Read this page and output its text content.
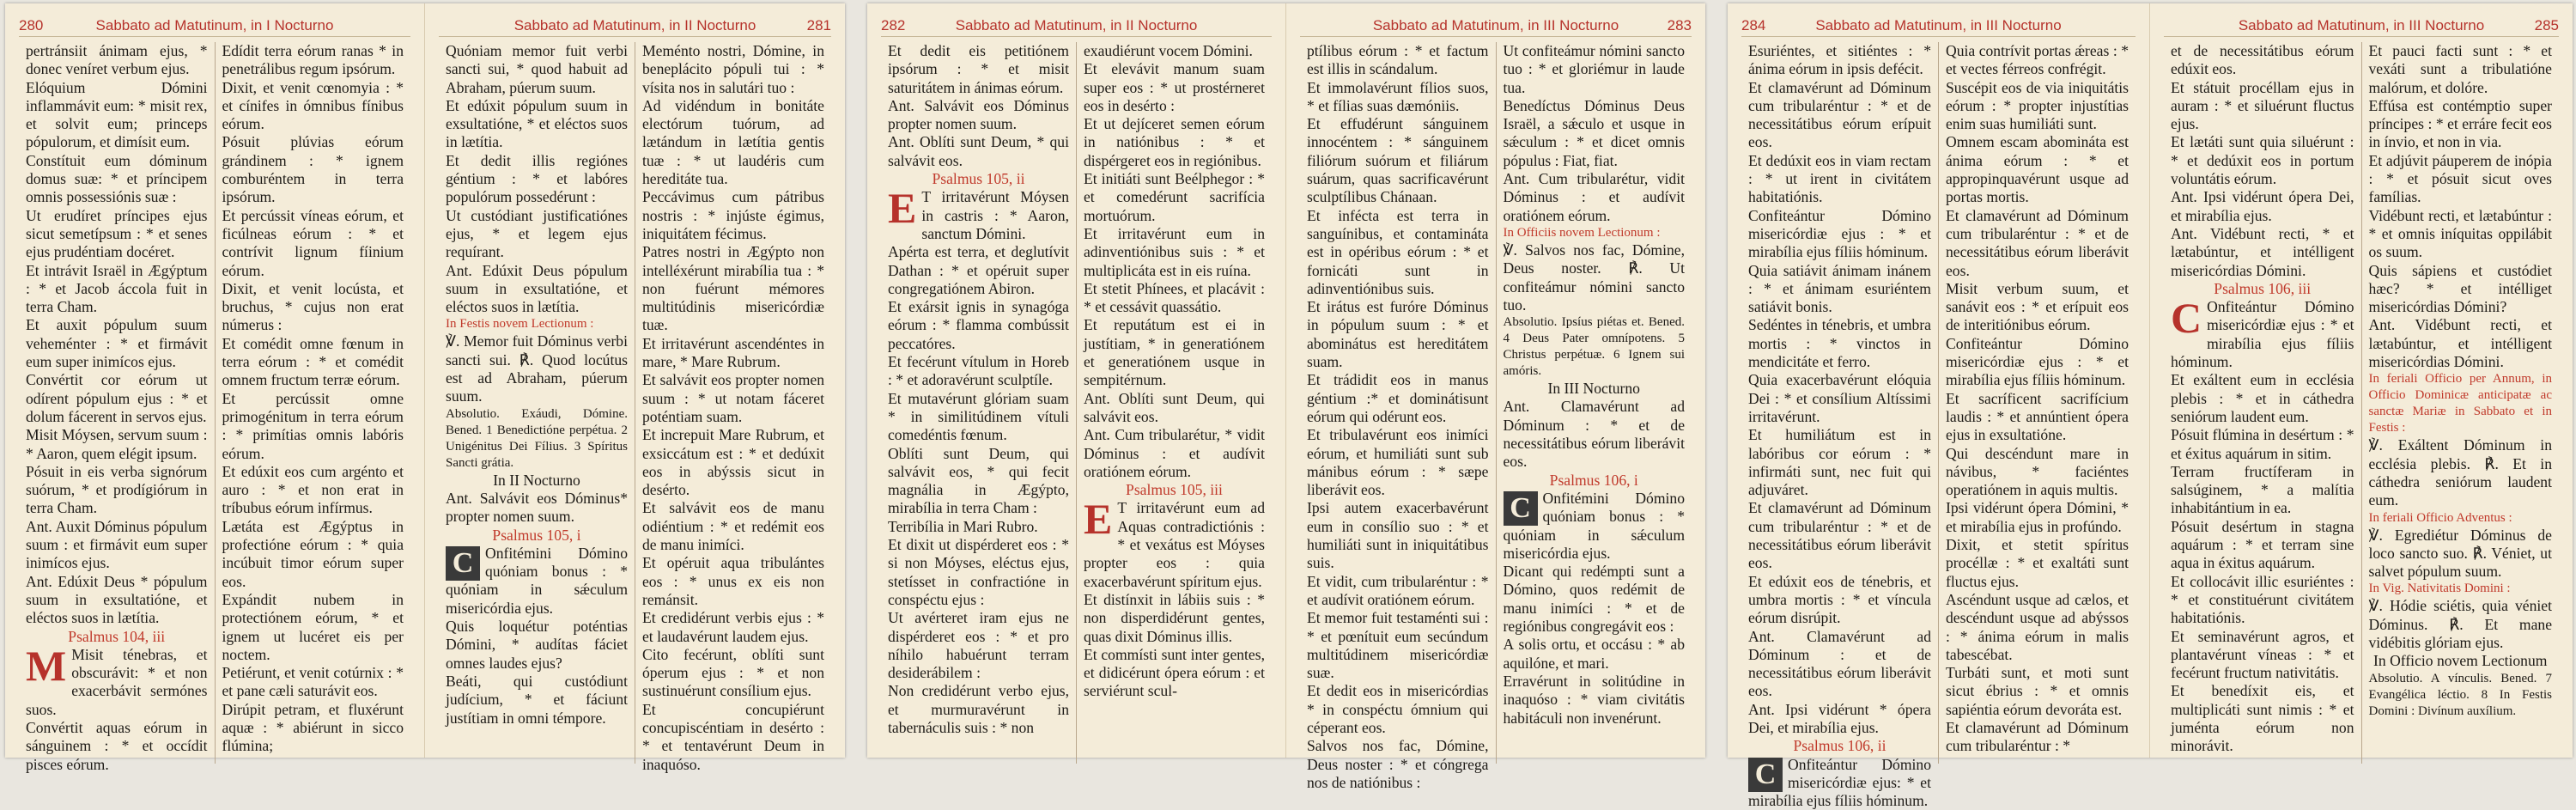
280	Sabbato ad Matutinum, in I Nocturno

pertránsiit ánimam ejus, * donec veníret verbum ejus.

Elóquium Dómini inflammávit eum: * misit rex, et solvit eum; princeps pópulorum, et dimísit eum.

Constítuit eum dóminum domus suæ: * et príncipem omnis possessiónis suæ :

Ut erudíret príncipes ejus sicut semetípsum : * et senes ejus prudéntiam docéret.

Et intrávit Israël in Ægýptum : * et Jacob áccola fuit in terra Cham.

Et auxit pópulum suum veheménter : * et firmávit eum super inimícos ejus.

Convértit cor eórum ut odírent pópulum ejus : * et dolum fácerent in servos ejus.

Misit Móysen, servum suum : * Aaron, quem elégit ipsum.

Pósuit in eis verba signórum suórum, * et prodígiórum in terra Cham.

Ant. Auxit Dóminus pópulum suum : et firmávit eum super inimícos ejus.

Ant. Edúxit Deus * pópulum suum in exsultatióne, et eléctos suos in lætítia.

Psalmus 104, iii

M Misit ténebras, et obscurávit: * et non exacerbávit sermónes suos.

Convértit aquas eórum in sánguinem : * et occídit pisces eórum.

Edídit terra eórum ranas * in penetrálibus regum ipsórum.

Dixit, et venit cœnomyia : * et cínifes in ómnibus fínibus eórum.

Pósuit plúvias eórum grándinem : * ignem comburéntem in terra ipsórum.

Et percússit víneas eórum, et ficúlneas eórum : * et contrívit lignum fíinium eórum.

Dixit, et venit locústa, et bruchus, * cujus non erat númerus :

Et comédit omne fœnum in terra eórum : * et comédit omnem fructum terræ eórum.

Et percússit omne primogénitum in terra eórum : * primítias omnis labóris eórum.

Et edúxit eos cum argénto et auro : * et non erat in tríbubus eórum infírmus.

Lætáta est Ægýptus in profectióne eórum : * quia incúbuit timor eórum super eos.

Expándit nubem in protectiónem eórum, * et ignem ut lucéret eis per noctem.

Petiérunt, et venit cotúrnix : * et pane cæli saturávit eos.

Dirúpit petram, et fluxérunt aquæ : * abiérunt in sicco flúmina;

281
Sabbato ad Matutinum, in II Nocturno

Quóniam memor fuit verbi sancti sui, * quod habuit ad Abraham, púerum suum.

Et edúxit pópulum suum in exsultatióne, * et eléctos suos in lætítia.

Et dedit illis regiónes géntium : * et labóres populórum possedérunt :

Ut custódiant justificatiónes ejus, * et legem ejus requírant.

Ant. Edúxit Deus pópulum suum in exsultatióne, et eléctos suos in lætítia.

In Festis novem Lectionum :

℣. Memor fuit Dóminus verbi sancti sui. ℟. Quod locútus est ad Abraham, púerum suum.

Absolutio. Exáudi, Dómine. Bened. 1 Benedictióne perpétua. 2 Unigénitus Dei Fílius. 3 Spíritus Sancti grátia.

In II Nocturno

Ant. Salvávit eos Dóminus* propter nomen suum.

Psalmus 105, i

C Onfitémini Dómino quóniam bonus : * quóniam in sǽculum misericórdia ejus.

Quis loquétur poténtias Dómini, * audítas fáciet omnes laudes ejus?

Beáti, qui custódiunt judícium, * et fáciunt justítiam in omni témpore.

Meménto nostri, Dómine, in beneplácito pópuli tui : * vísita nos in salutári tuo :

Ad vidéndum in bonitáte electórum tuórum, ad lætándum in lætítia gentis tuæ : * ut laudéris cum hereditáte tua.

Peccávimus cum pátribus nostris : * injúste égimus, iniquitátem fécimus.

Patres nostri in Ægýpto non intelléxérunt mirabília tua : * non fuérunt mémores multitúdinis misericórdiæ tuæ.

Et irritavérunt ascendéntes in mare, * Mare Rubrum.

Et salvávit eos propter nomen suum : * ut notam fáceret poténtiam suam.

Et increpuit Mare Rubrum, et exsiccátum est : * et dedúxit eos in abýssis sicut in desérto.

Et salvávit eos de manu odiéntium : * et redémit eos de manu inimíci.

Et opéruit aqua tribulántes eos : * unus ex eis non remánsit.

Et credidérunt verbis ejus : * et laudavérunt laudem ejus.

Cito fecérunt, oblíti sunt óperum ejus : * et non sustinuérunt consílium ejus.

Et concupiérunt concupiscéntiam in desérto : * et tentavérunt Deum in inaquóso.

282	Sabbato ad Matutinum, in II Nocturno

Et dedit eis petitiónem ipsórum : * et misit saturitátem in ánimas eórum.

Ant. Salvávit eos Dóminus propter nomen suum.

Ant. Oblíti sunt Deum, * qui salvávit eos.

Psalmus 105, ii

E T irritavérunt Móysen in castris : * Aaron, sanctum Dómini.

Apérta est terra, et deglutívit Dathan : * et opéruit super congregatiónem Abiron.

Et exársit ignis in synagóga eórum : * flamma combússit peccatóres.

Et fecérunt vítulum in Horeb : * et adoravérunt sculptíle.

Et mutavérunt glóriam suam * in similitúdinem vítuli comedéntis fœnum.

Oblíti sunt Deum, qui salvávit eos, * qui fecit magnália in Ægýpto, mirabília in terra Cham :

Terribília in Mari Rubro.

Et dixit ut dispérderet eos : * si non Móyses, eléctus ejus, stetísset in confractióne in conspéctu ejus :

Ut avérteret iram ejus ne dispérderet eos : * et pro níhilo habuérunt terram desiderábilem :

Non credidérunt verbo ejus, et murmuravérunt in tabernáculis suis : * non

exaudiérunt vocem Dómini.

Et elevávit manum suam super eos : * ut prostérneret eos in desérto :

Et ut dejíceret semen eórum in natiónibus : * et dispérgeret eos in regiónibus.

Et initiáti sunt Beélphegor : * et comedérunt sacrifícia mortuórum.

Et irritavérunt eum in adinventiónibus suis : * et multiplicáta est in eis ruína.

Et stetit Phínees, et placávit : * et cessávit quassátio.

Et reputátum est ei in justítiam, * in generatiónem et generatiónem usque in sempitérnum.

Ant. Oblíti sunt Deum, qui salvávit eos.

Ant. Cum tribularétur, * vidit Dóminus : et audívit oratiónem eórum.

Psalmus 105, iii

E T irritavérunt eum ad Aquas contradictiónis : * et vexátus est Móyses propter eos : quia exacerbavérunt spíritum ejus.

Et distínxit in lábiis suis : * non disperdidérunt gentes, quas dixit Dóminus illis.

Et commísti sunt inter gentes, et didicérunt ópera eórum : et serviérunt scul-

283
Sabbato ad Matutinum, in III Nocturno

ptílibus eórum : * et factum est illis in scándalum.

Et immolavérunt fílios suos, * et fílias suas dæmóniis.

Et effudérunt sánguinem innocéntem : * sánguinem filiórum suórum et filiárum suárum, quas sacrificavérunt sculptílibus Chánaan.

Et infécta est terra in sanguínibus, et contamináta est in opéribus eórum : * et fornicáti sunt in adinventiónibus suis.

Et irátus est furóre Dóminus in pópulum suum : * et abominátus est hereditátem suam.

Et trádidit eos in manus géntium :* et dominátisunt eórum qui odérunt eos.

Et tribulavérunt eos inimíci eórum, et humiliáti sunt sub mánibus eórum : * sæpe liberávit eos.

Ipsi autem exacerbavérunt eum in consílio suo : * et humiliáti sunt in iniquitátibus suis.

Et vidit, cum tribularéntur : * et audívit oratiónem eórum.

Et memor fuit testaménti sui : * et pœnítuit eum secúndum multitúdinem misericórdiæ suæ.

Et dedit eos in misericórdias * in conspéctu ómnium qui céperant eos.

Salvos nos fac, Dómine, Deus noster : * et cóngrega nos de natiónibus :

Ut confiteámur nómini sancto tuo : * et gloriémur in laude tua.

Benedíctus Dóminus Deus Israël, a sǽculo et usque in sǽculum : * et dicet omnis pópulus : Fiat, fiat.

Ant. Cum tribularétur, vidit Dóminus : et audívit oratiónem eórum.

In Officiis novem Lectionum :

℣. Salvos nos fac, Dómine, Deus noster. ℟. Ut confiteámur nómini sancto tuo.

Absolutio. Ipsíus piétas et. Bened. 4 Deus Pater omnípotens. 5 Christus perpétuæ. 6 Ignem sui amóris.

In III Nocturno

Ant. Clamavérunt ad Dóminum : * et de necessitátibus eórum liberávit eos.

Psalmus 106, i

C Onfitémini Dómino quóniam bonus : * quóniam in sǽculum misericórdia ejus.

Dicant qui redémpti sunt a Dómino, quos redémit de manu inimíci : * et de regiónibus congregávit eos :

A solis ortu, et occásu : * ab aquilóne, et mari.

Erravérunt in solitúdine in inaquóso : * viam civitátis habitáculi non invenérunt.

284	Sabbato ad Matutinum, in III Nocturno

Esuriéntes, et sitiéntes : * ánima eórum in ipsis defécit.

Et clamavérunt ad Dóminum cum tribularéntur : * et de necessitátibus eórum erípuit eos.

Et dedúxit eos in viam rectam : * ut irent in civitátem habitatiónis.

Confiteántur Dómino misericórdiæ ejus : * et mirabília ejus fíliis hóminum.

Quia satiávit ánimam inánem : * et ánimam esuriéntem satiávit bonis.

Sedéntes in ténebris, et umbra mortis : * vinctos in mendicitáte et ferro.

Quia exacerbavérunt elóquia Dei : * et consílium Altíssimi irritavérunt.

Et humiliátum est in labóribus cor eórum : * infirmáti sunt, nec fuit qui adjuváret.

Et clamavérunt ad Dóminum cum tribularéntur : * et de necessitátibus eórum liberávit eos.

Et edúxit eos de ténebris, et umbra mortis : * et víncula eórum disrúpit.

Ant. Clamavérunt ad Dóminum : et de necessitátibus eórum liberávit eos.

Ant. Ipsi vidérunt * ópera Dei, et mirabília ejus.

Psalmus 106, ii

C Onfiteántur Dómino misericórdiæ ejus: * et mirabília ejus fíliis hóminum.

Quia contrívit portas ǽreas : * et vectes férreos confrégit.

Suscépit eos de via iniquitátis eórum : * propter injustítias enim suas humiliáti sunt.

Omnem escam abomináta est ánima eórum : * et appropinquavérunt usque ad portas mortis.

Et clamavérunt ad Dóminum cum tribularéntur : * et de necessitátibus eórum liberávit eos.

Misit verbum suum, et sanávit eos : * et erípuit eos de interitiónibus eórum.

Confiteántur Dómino misericórdiæ ejus : * et mirabília ejus fíliis hóminum.

Et sacríficent sacrifícium laudis : * et annúntient ópera ejus in exsultatióne.

Qui descéndunt mare in návibus, * faciéntes operatiónem in aquis multis.

Ipsi vidérunt ópera Dómini, * et mirabília ejus in profúndo.

Dixit, et stetit spíritus procéllæ : * et exaltáti sunt fluctus ejus.

Ascéndunt usque ad cælos, et descéndunt usque ad abýssos : * ánima eórum in malis tabescébat.

Turbáti sunt, et moti sunt sicut ébrius : * et omnis sapiéntia eórum devoráta est.

Et clamavérunt ad Dóminum cum tribularéntur : *

285
Sabbato ad Matutinum, in III Nocturno

et de necessitátibus eórum edúxit eos.

Et státuit procéllam ejus in auram : * et siluérunt fluctus ejus.

Et lætáti sunt quia siluérunt : * et dedúxit eos in portum voluntátis eórum.

Ant. Ipsi vidérunt ópera Dei, et mirabília ejus.

Ant. Vidébunt recti, * et lætabúntur, et intélligent misericórdias Dómini.

Psalmus 106, iii

C Onfiteántur Dómino misericórdiæ ejus : * et mirabília ejus fíliis hóminum.

Et exáltent eum in ecclésia plebis : * et in cáthedra seniórum laudent eum.

Pósuit flúmina in desértum : * et éxitus aquárum in sitim.

Terram fructíferam in salsúginem, * a malítia inhabitántium in ea.

Pósuit desértum in stagna aquárum : * et terram sine aqua in éxitus aquárum.

Et collocávit illic esuriéntes : * et constituérunt civitátem habitatiónis.

Et seminavérunt agros, et plantavérunt víneas : * et fecérunt fructum nativitátis.

Et benedíxit eis, et multiplicáti sunt nimis : * et juménta eórum non minorávit.

Et pauci facti sunt : * et vexáti sunt a tribulatióne malórum, et dolóre.

Effúsa est contémptio super príncipes : * et erráre fecit eos in ínvio, et non in via.

Et adjúvit páuperem de inópia : * et pósuit sicut oves famílias.

Vidébunt recti, et lætabúntur : * et omnis iníquitas oppilábit os suum.

Quis sápiens et custódiet hæc? * et intélliget misericórdias Dómini?

Ant. Vidébunt recti, et lætabúntur, et intélligent misericórdias Dómini.

In feriali Officio per Annum, in Officio Dominicæ anticipatæ ac sanctæ Mariæ in Sabbato et in Festis :

℣. Exáltent Dóminum in ecclésia plebis. ℟. Et in cáthedra seniórum laudent eum.

In feriali Officio Adventus :

℣. Egrediétur Dóminus de loco sancto suo. ℟. Véniet, ut salvet pópulum suum.

In Vig. Nativitatis Domini :

℣. Hódie sciétis, quia véniet Dóminus. ℟. Et mane vidébitis glóriam ejus.

In Officio novem Lectionum

Absolutio. A vínculis. Bened. 7 Evangélica léctio. 8 In Festis Domini : Divínum auxílium.
